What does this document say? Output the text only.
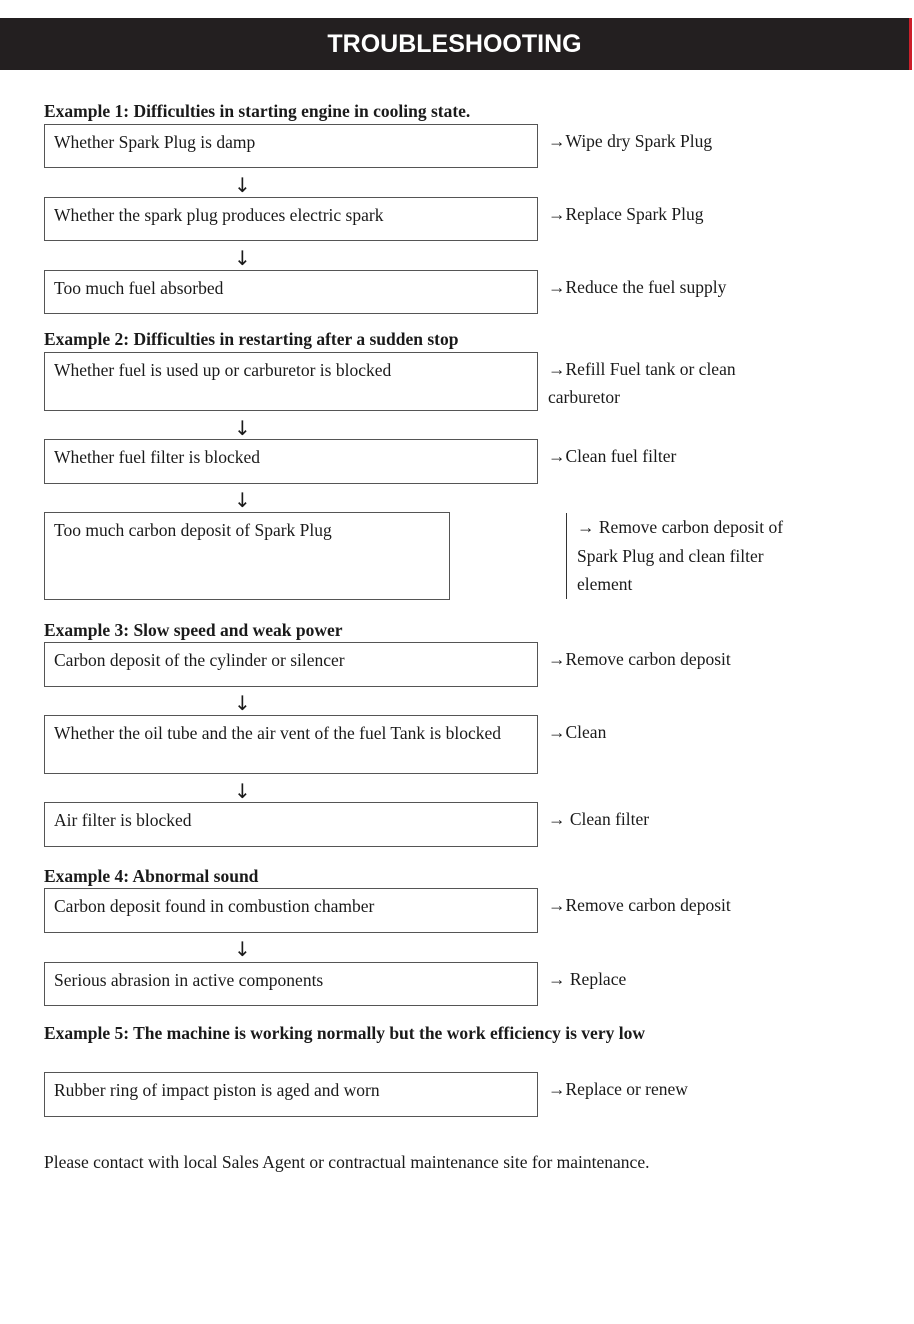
TROUBLESHOOTING
Example 1: Difficulties in starting engine in cooling state.
Whether Spark Plug is damp	→Wipe dry Spark Plug
↓
Whether the spark plug produces electric spark	→Replace Spark Plug
↓
Too much fuel absorbed	→Reduce the fuel supply
Example 2: Difficulties in restarting after a sudden stop
Whether fuel is used up or carburetor is blocked	→Refill Fuel tank or clean carburetor
↓
Whether fuel filter is blocked	→Clean fuel filter
↓
Too much carbon deposit of Spark Plug	→ Remove carbon deposit of Spark Plug and clean filter element
Example 3: Slow speed and weak power
Carbon deposit of the cylinder or silencer	→Remove carbon deposit
↓
Whether the oil tube and the air vent of the fuel Tank is blocked	→Clean
↓
Air filter is blocked	→ Clean filter
Example 4: Abnormal sound
Carbon deposit found in combustion chamber	→Remove carbon deposit
↓
Serious abrasion in active components	→ Replace
Example 5: The machine is working normally but the work efficiency is very low
Rubber ring of impact piston is aged and worn	→Replace or renew
Please contact with local Sales Agent or contractual maintenance site for maintenance.
